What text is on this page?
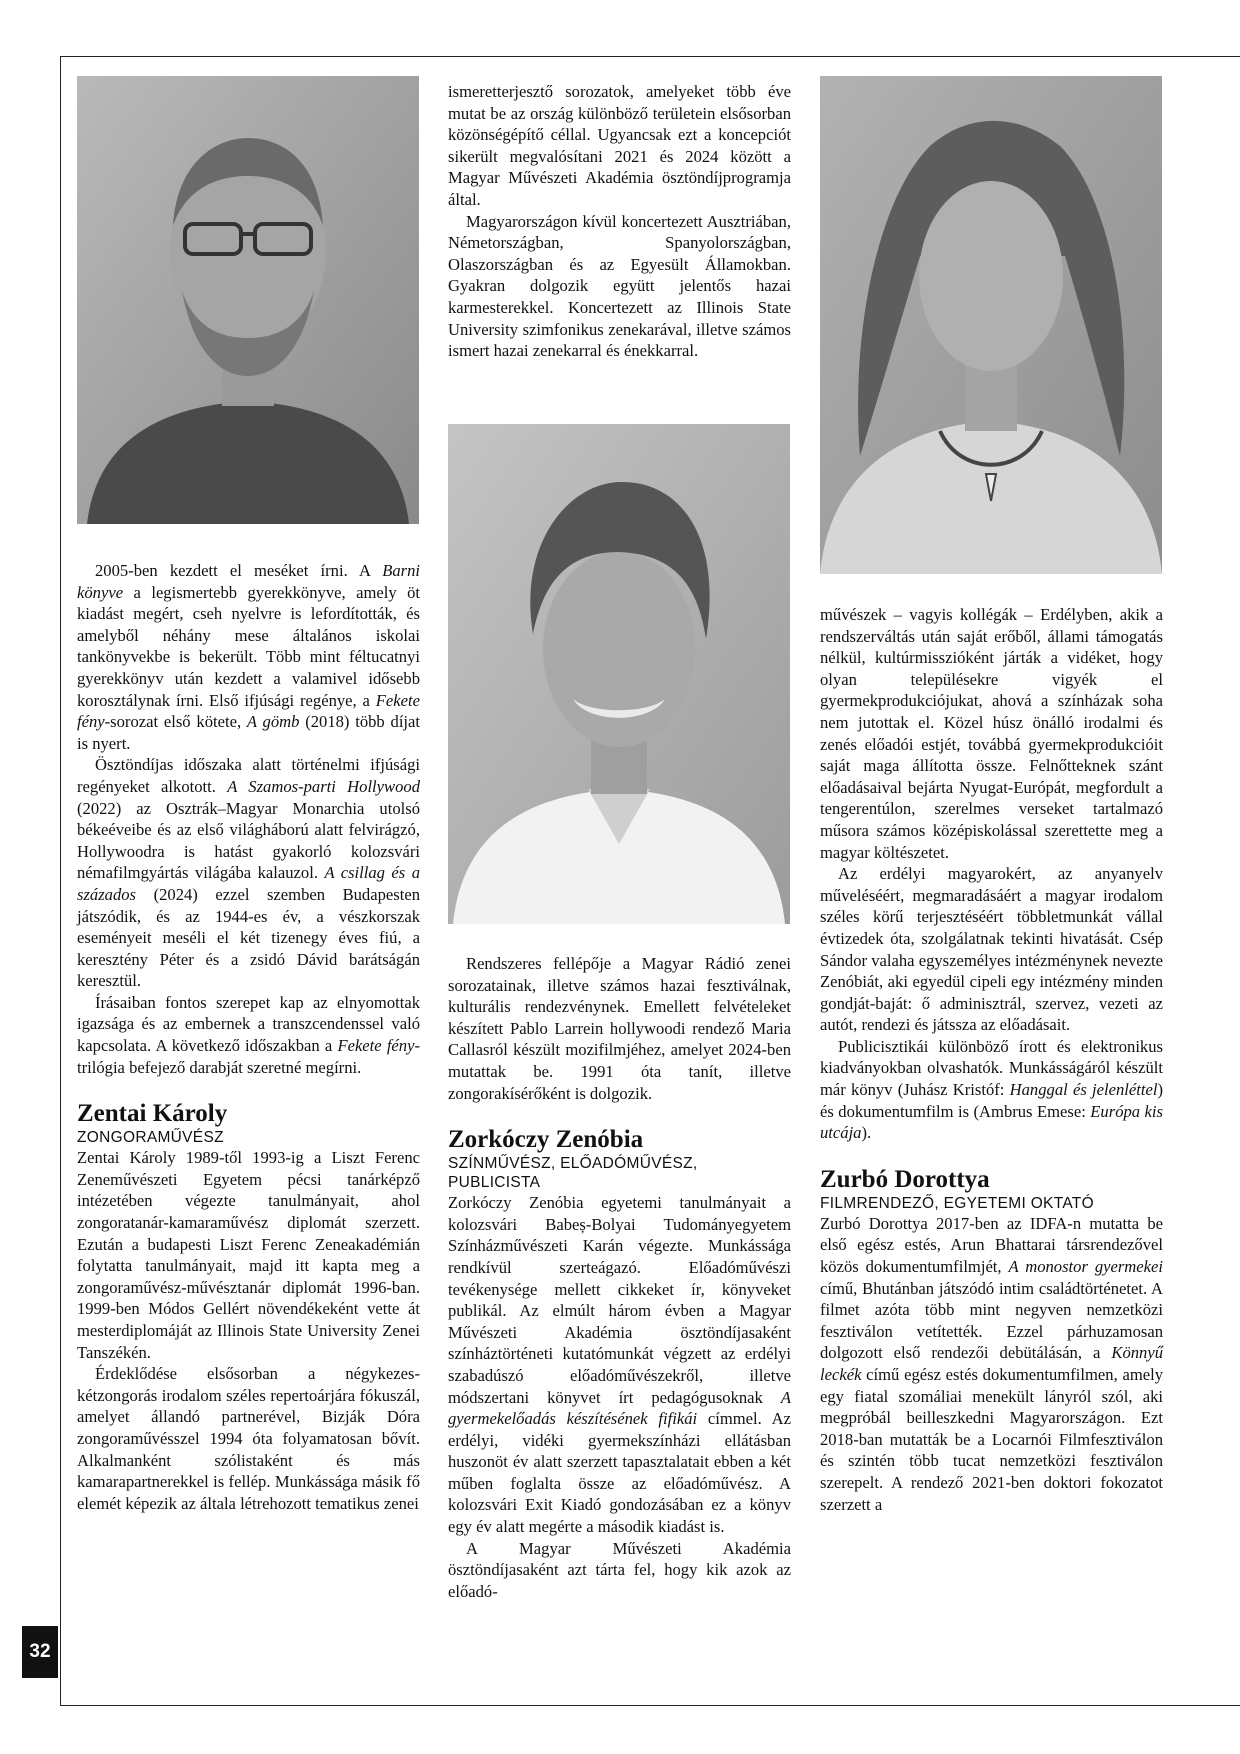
2005-ben kezdett el meséket írni. A Barni könyve a legismertebb gyerekkönyve, amely öt kiadást megért, cseh nyelvre is lefordították, és amelyből néhány mese általános iskolai tankönyvekbe is bekerült. Több mint féltucatnyi gyerekkönyv után kezdett a valamivel idősebb korosztálynak írni. Első ifjúsági regénye, a Fekete fény-sorozat első kötete, A gömb (2018) több díjat is nyert.

Ösztöndíjas időszaka alatt történelmi ifjúsági regényeket alkotott. A Szamos-parti Hollywood (2022) az Osztrák–Magyar Monarchia utolsó békeéveibe és az első világháború alatt felvirágzó, Hollywoodra is hatást gyakorló kolozsvári némafilmgyártás világába kalauzol. A csillag és a százados (2024) ezzel szemben Budapesten játszódik, és az 1944-es év, a vészkorszak eseményeit meséli el két tizenegy éves fiú, a keresztény Péter és a zsidó Dávid barátságán keresztül.

Írásaiban fontos szerepet kap az elnyomottak igazsága és az embernek a transzcendenssel való kapcsolata. A következő időszakban a Fekete fény-trilógia befejező darabját szeretné megírni.

Zentai Károly

ZONGORAMŰVÉSZ

Zentai Károly 1989-től 1993-ig a Liszt Ferenc Zeneművészeti Egyetem pécsi tanárképző intézetében végezte tanulmányait, ahol zongoratanár-kamaraművész diplomát szerzett. Ezután a budapesti Liszt Ferenc Zeneakadémián folytatta tanulmányait, majd itt kapta meg a zongoraművész-művésztanár diplomát 1996-ban. 1999-ben Módos Gellért növendékeként vette át mesterdiplomáját az Illinois State University Zenei Tanszékén.

Érdeklődése elsősorban a négykezes-kétzongorás irodalom széles repertoárjára fókuszál, amelyet állandó partnerével, Bizják Dóra zongoraművésszel 1994 óta folyamatosan bővít. Alkalmanként szólistaként és más kamarapartnerekkel is fellép. Munkássága másik fő elemét képezik az általa létrehozott tematikus zenei

ismeretterjesztő sorozatok, amelyeket több éve mutat be az ország különböző területein elsősorban közönségépítő céllal. Ugyancsak ezt a koncepciót sikerült megvalósítani 2021 és 2024 között a Magyar Művészeti Akadémia ösztöndíjprogramja által.

Magyarországon kívül koncertezett Ausztriában, Németországban, Spanyolországban, Olaszországban és az Egyesült Államokban. Gyakran dolgozik együtt jelentős hazai karmesterekkel. Koncertezett az Illinois State University szimfonikus zenekarával, illetve számos ismert hazai zenekarral és énekkarral.

Rendszeres fellépője a Magyar Rádió zenei sorozatainak, illetve számos hazai fesztiválnak, kulturális rendezvénynek. Emellett felvételeket készített Pablo Larrein hollywoodi rendező Maria Callasról készült mozifilmjéhez, amelyet 2024-ben mutattak be. 1991 óta tanít, illetve zongorakísérőként is dolgozik.

Zorkóczy Zenóbia

SZÍNMŰVÉSZ, ELŐADÓMŰVÉSZ, PUBLICISTA

Zorkóczy Zenóbia egyetemi tanulmányait a kolozsvári Babeș-Bolyai Tudományegyetem Színházművészeti Karán végezte. Munkássága rendkívül szerteágazó. Előadóművészi tevékenysége mellett cikkeket ír, könyveket publikál. Az elmúlt három évben a Magyar Művészeti Akadémia ösztöndíjasaként színháztörténeti kutatómunkát végzett az erdélyi szabadúszó előadóművészekről, illetve módszertani könyvet írt pedagógusoknak A gyermekelőadás készítésének fifikái címmel. Az erdélyi, vidéki gyermekszínházi ellátásban huszonöt év alatt szerzett tapasztalatait ebben a két műben foglalta össze az előadóművész. A kolozsvári Exit Kiadó gondozásában ez a könyv egy év alatt megérte a második kiadást is.

A Magyar Művészeti Akadémia ösztöndíjasaként azt tárta fel, hogy kik azok az előadó-

művészek – vagyis kollégák – Erdélyben, akik a rendszerváltás után saját erőből, állami támogatás nélkül, kultúrmisszióként járták a vidéket, hogy olyan településekre vigyék el gyermekprodukciójukat, ahová a színházak soha nem jutottak el. Közel húsz önálló irodalmi és zenés előadói estjét, továbbá gyermekprodukcióit saját maga állította össze. Felnőtteknek szánt előadásaival bejárta Nyugat-Európát, megfordult a tengerentúlon, szerelmes verseket tartalmazó műsora számos középiskolással szerettette meg a magyar költészetet.

Az erdélyi magyarokért, az anyanyelv műveléséért, megmaradásáért a magyar irodalom széles körű terjesztéséért többletmunkát vállal évtizedek óta, szolgálatnak tekinti hivatását. Csép Sándor valaha egyszemélyes intézménynek nevezte Zenóbiát, aki egyedül cipeli egy intézmény minden gondját-baját: ő adminisztrál, szervez, vezeti az autót, rendezi és játssza az előadásait.

Publicisztikái különböző írott és elektronikus kiadványokban olvashatók. Munkásságáról készült már könyv (Juhász Kristóf: Hanggal és jelenléttel) és dokumentumfilm is (Ambrus Emese: Európa kis utcája).

Zurbó Dorottya

FILMRENDEZŐ, EGYETEMI OKTATÓ

Zurbó Dorottya 2017-ben az IDFA-n mutatta be első egész estés, Arun Bhattarai társrendezővel közös dokumentumfilmjét, A monostor gyermekei című, Bhutánban játszódó intim családtörténetet. A filmet azóta több mint negyven nemzetközi fesztiválon vetítették. Ezzel párhuzamosan dolgozott első rendezői debütálásán, a Könnyű leckék című egész estés dokumentumfilmen, amely egy fiatal szomáliai menekült lányról szól, aki megpróbál beilleszkedni Magyarországon. Ezt 2018-ban mutatták be a Locarnói Filmfesztiválon és szintén több tucat nemzetközi fesztiválon szerepelt. A rendező 2021-ben doktori fokozatot szerzett a

32
